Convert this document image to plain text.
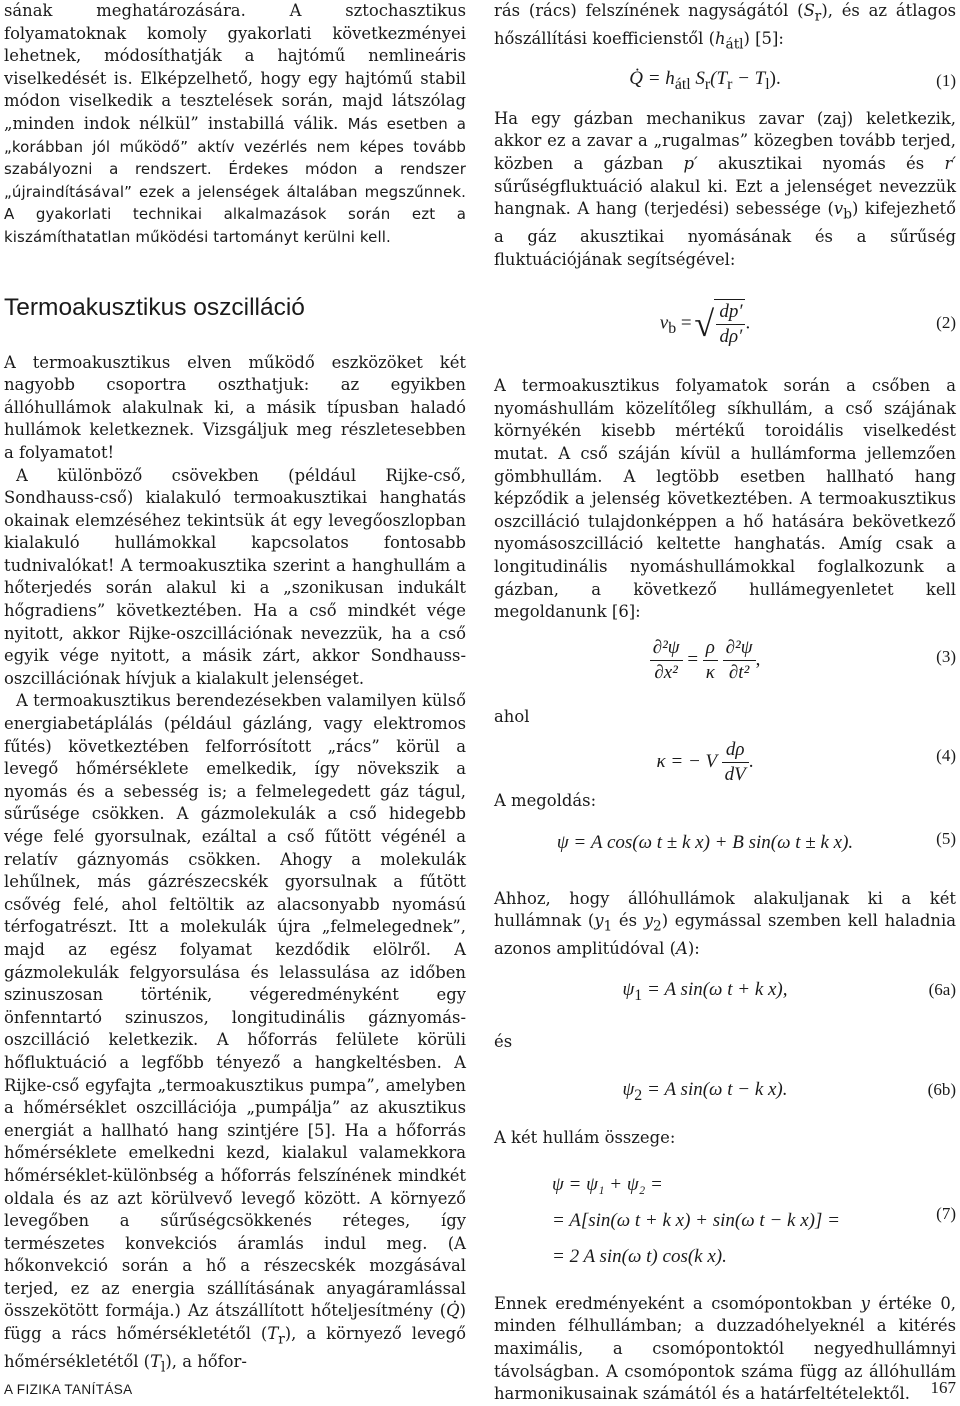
sának meghatározására. A sztochasztikus folyamatoknak komoly gyakorlati következményei lehetnek, módosíthatják a hajtómű nemlineáris viselkedését is. Elképzelhető, hogy egy hajtómű stabil módon viselkedik a tesztelések során, majd látszólag „minden indok nélkül” instabillá válik. Más esetben a „korábban jól működő” aktív vezérlés nem képes tovább szabályozni a rendszert. Érdekes módon a rendszer „újraindításával” ezek a jelenségek általában megszűnnek. A gyakorlati technikai alkalmazások során ezt a kiszámíthatatlan működési tartományt kerülni kell.

Termoakusztikus oszcilláció

A termoakusztikus elven működő eszközöket két nagyobb csoportra oszthatjuk: az egyikben állóhullámok alakulnak ki, a másik típusban haladó hullámok keletkeznek. Vizsgáljuk meg részletesebben a folyamatot!

A különböző csövekben (például Rijke-cső, Sondhauss-cső) kialakuló termoakusztikai hanghatás okainak elemzéséhez tekintsük át egy levegőoszlopban kialakuló hullámokkal kapcsolatos fontosabb tudnivalókat! A termoakusztika szerint a hanghullám a hőterjedés során alakul ki a „szonikusan indukált hőgradiens” következtében. Ha a cső mindkét vége nyitott, akkor Rijke-oszcillációnak nevezzük, ha a cső egyik vége nyitott, a másik zárt, akkor Sondhauss-oszcillációnak hívjuk a kialakult jelenséget.

A termoakusztikus berendezésekben valamilyen külső energiabetáplálás (például gázláng, vagy elektromos fűtés) következtében felforrósított „rács” körül a levegő hőmérséklete emelkedik, így növekszik a nyomás és a sebesség is; a felmelegedett gáz tágul, sűrűsége csökken. A gázmolekulák a cső hidegebb vége felé gyorsulnak, ezáltal a cső fűtött végénél a relatív gáznyomás csökken. Ahogy a molekulák lehűlnek, más gázrészecskék gyorsulnak a fűtött csővég felé, ahol feltöltik az alacsonyabb nyomású térfogatrészt. Itt a molekulák újra „felmelegednek”, majd az egész folyamat kezdődik elölről. A gázmolekulák felgyorsulása és lelassulása az időben szinuszosan történik, végeredményként egy önfenntartó szinuszos, longitudinális gáznyomás-oszcilláció keletkezik. A hőforrás felülete körüli hőfluktuáció a legfőbb tényező a hangkeltésben. A Rijke-cső egyfajta „termoakusztikus pumpa”, amelyben a hőmérséklet oszcillációja „pumpálja” az akusztikus energiát a hallható hang szintjére [5]. Ha a hőforrás hőmérséklete emelkedni kezd, kialakul valamekkora hőmérséklet-különbség a hőforrás felszínének mindkét oldala és az azt körülvevő levegő között. A környező levegőben a sűrűségcsökkenés réteges, így természetes konvekciós áramlás indul meg. (A hőkonvekció során a hő a részecskék mozgásával terjed, ez az energia szállításának anyagáramlással összekötött formája.) Az átszállított hőteljesítmény (Q̇) függ a rács hőmérsékletétől $(T_r)$, a környező levegő hőmérsékletétől $(T_l)$, a hőfor-

rás (rács) felszínének nagyságától $(S_r)$, és az átlagos hőszállítási koefficienstől $(h_{átl})$ [5]:

Q̇ = $h_{átl}$ $S_r(T_r - T_l)$.	(1)

Ha egy gázban mechanikus zavar (zaj) keletkezik, akkor ez a zavar a „rugalmas” közegben tovább terjed, közben a gázban p′ akusztikai nyomás és r′ sűrűségfluktuáció alakul ki. Ezt a jelenséget nevezzük hangnak. A hang (terjedési) sebessége $(v_b)$ kifejezhető a gáz akusztikai nyomásának és a sűrűség fluktuációjának segítségével:

$v_b$ =
√ $\frac{dp'}{d\rho'}$ .	(2)

A termoakusztikus folyamatok során a csőben a nyomáshullám közelítőleg síkhullám, a cső szájának környékén kisebb mértékű toroidális viselkedést mutat. A cső száján kívül a hullámforma jellemzően gömbhullám. A legtöbb esetben hallható hang képződik a jelenség következtében. A termoakusztikus oszcilláció tulajdonképpen a hő hatására bekövetkező nyomásoszcilláció keltette hanghatás. Amíg csak a longitudinális nyomáshullámokkal foglalkozunk a gázban, a következő hullámegyenletet kell megoldanunk [6]:

$\frac{\text{∂²ψ}}{\text{∂x²}} = \frac{\rho}{\kappa}$
$\frac{\text{∂²ψ}}{\text{∂t²}}$ ,	(3)
ahol
κ = − V $\frac{d\rho}{dV}$ .	(4)
A megoldás:
ψ = A cos(ω t ± k x) + B sin(ω t ± k x).	(5)

Ahhoz, hogy állóhullámok alakuljanak ki a két hullámnak ($y_1$ és $y_2$) egymással szemben kell haladnia azonos amplitúdóval (A):

$\psi_1 = A$ sin(ω t + k x),	(6a)
és
$\psi_2 = A$ sin(ω t − k x).	(6b)
A két hullám összege:
ψ = ψ₁ + ψ₂ =
= A[sin(ω t + k x) + sin(ω t − k x)] =
= 2 A sin(ω t) cos(k x).
(7)

Ennek eredményeként a csomópontokban y értéke 0, minden félhullámban; a duzzadóhelyeknél a kitérés maximális, a csomópontoktól negyedhullámnyi távolságban. A csomópontok száma függ az állóhullám harmonikusainak számától és a határfeltételektől.

A FIZIKA TANÍTÁSA	167
